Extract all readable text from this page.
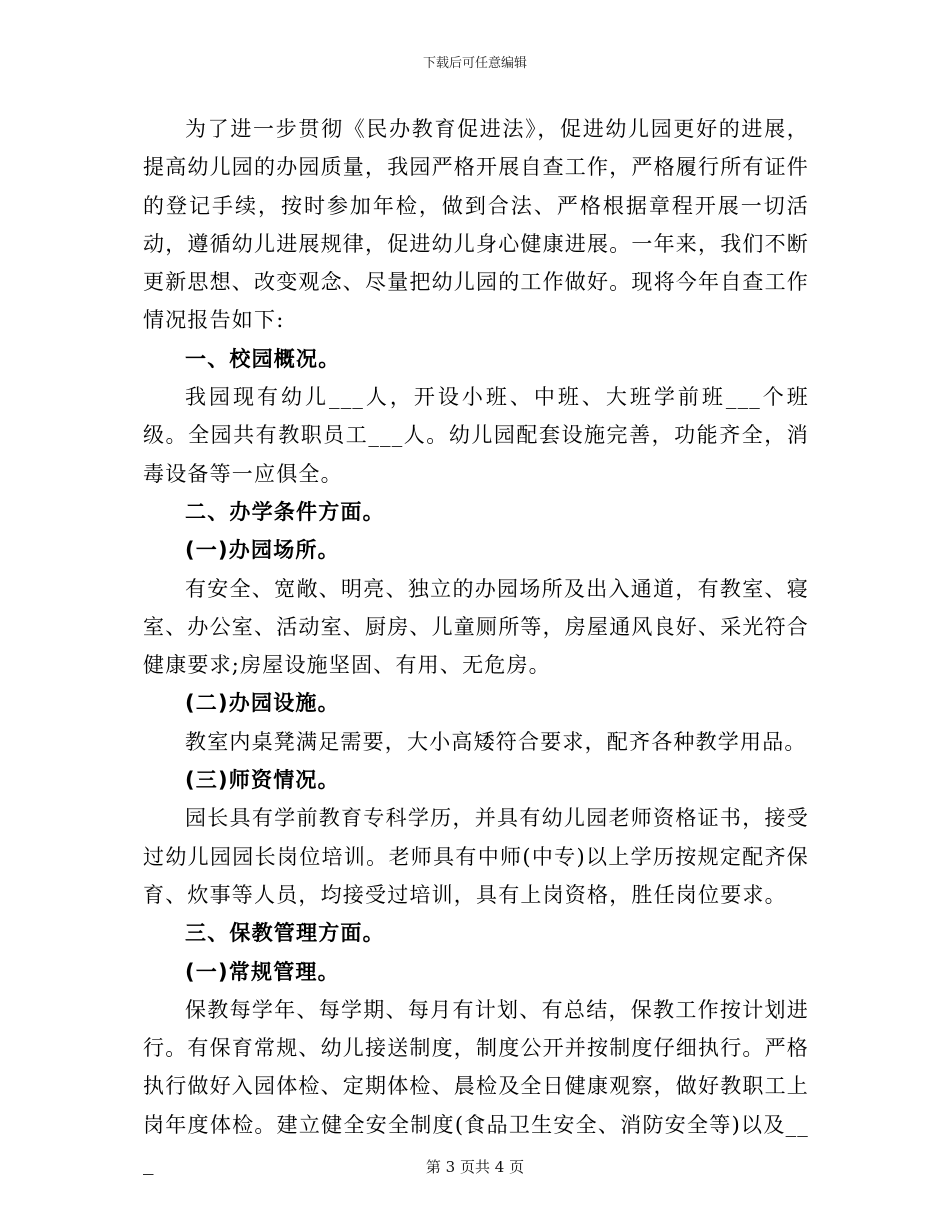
下载后可任意编辑

为了进一步贯彻《民办教育促进法》，促进幼儿园更好的进展，提高幼儿园的办园质量，我园严格开展自查工作，严格履行所有证件的登记手续，按时参加年检，做到合法、严格根据章程开展一切活动，遵循幼儿进展规律，促进幼儿身心健康进展。一年来，我们不断更新思想、改变观念、尽量把幼儿园的工作做好。现将今年自查工作情况报告如下:

一、校园概况。

我园现有幼儿___人，开设小班、中班、大班学前班___个班级。全园共有教职员工___人。幼儿园配套设施完善，功能齐全，消毒设备等一应俱全。

二、办学条件方面。

(一)办园场所。

有安全、宽敞、明亮、独立的办园场所及出入通道，有教室、寝室、办公室、活动室、厨房、儿童厕所等，房屋通风良好、采光符合健康要求;房屋设施坚固、有用、无危房。

(二)办园设施。

教室内桌凳满足需要，大小高矮符合要求，配齐各种教学用品。

(三)师资情况。

园长具有学前教育专科学历，并具有幼儿园老师资格证书，接受过幼儿园园长岗位培训。老师具有中师(中专)以上学历按规定配齐保育、炊事等人员，均接受过培训，具有上岗资格，胜任岗位要求。

三、保教管理方面。

(一)常规管理。

保教每学年、每学期、每月有计划、有总结，保教工作按计划进行。有保育常规、幼儿接送制度，制度公开并按制度仔细执行。严格执行做好入园体检、定期体检、晨检及全日健康观察，做好教职工上岗年度体检。建立健全安全制度(食品卫生安全、消防安全等)以及___	第 3 页共 4 页
